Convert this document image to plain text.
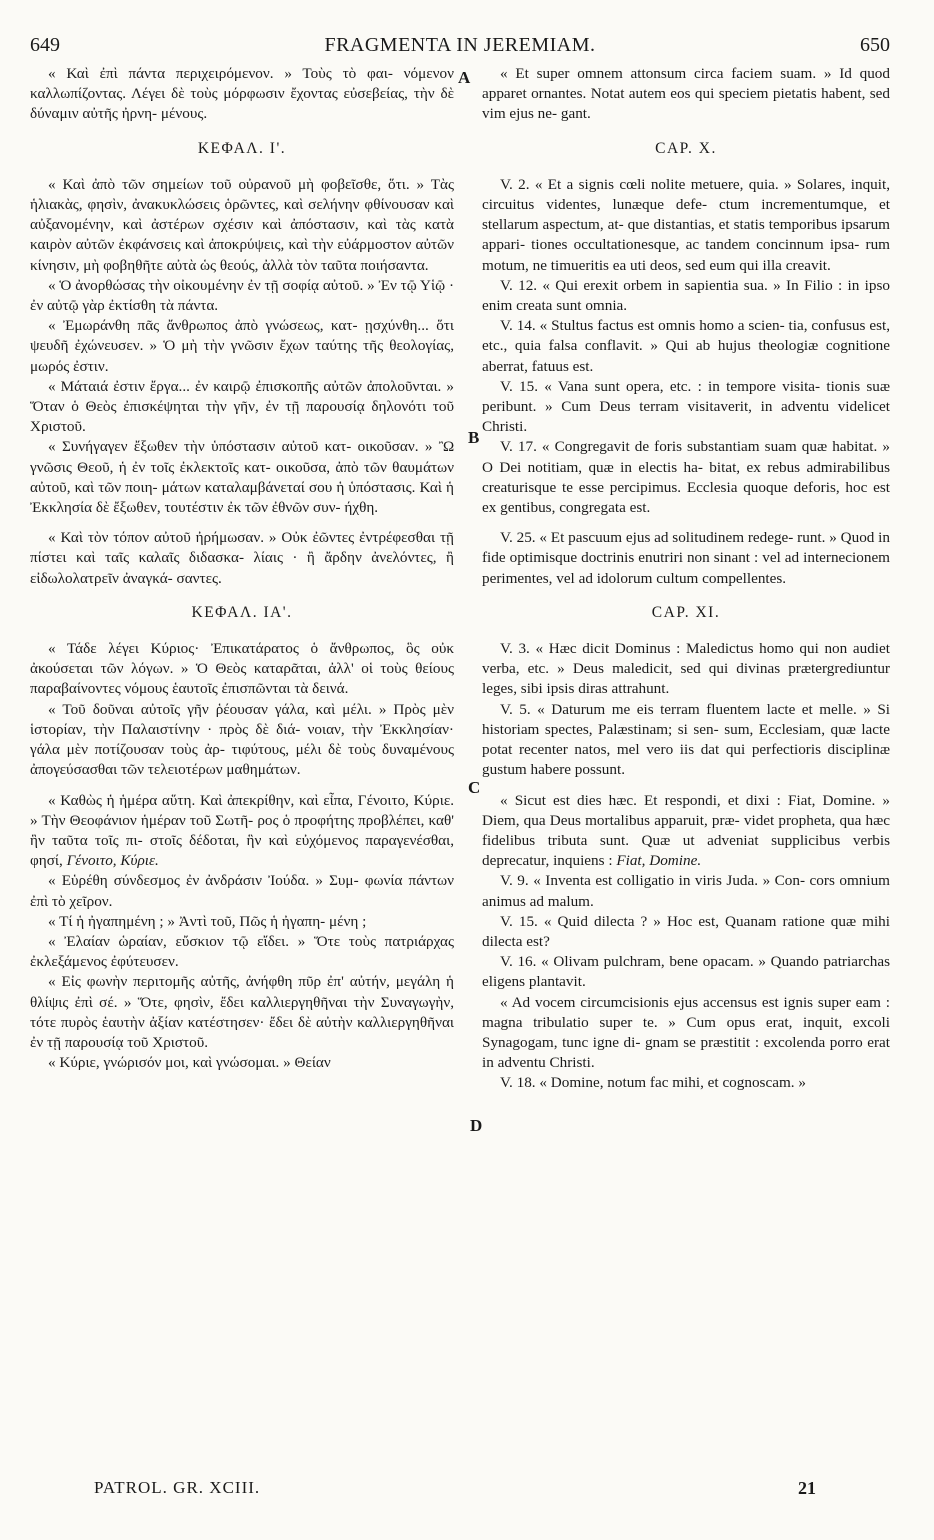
649	FRAGMENTA IN JEREMIAM.	650

« Καὶ ἐπὶ πάντα περιχειρόμενον. » Τοὺς τὸ φαι- νόμενον καλλωπίζοντας. Λέγει δὲ τοὺς μόρφωσιν ἔχοντας εὐσεβείας, τὴν δὲ δύναμιν αὐτῆς ἠρνη- μένους.

ΚΕΦΑΛ. Ι'.

« Καὶ ἀπὸ τῶν σημείων τοῦ οὐρανοῦ μὴ φοβεῖσθε, ὅτι. » Τὰς ἡλιακὰς, φησὶν, ἀνακυκλώσεις ὁρῶντες, καὶ σελήνην φθίνουσαν καὶ αὐξανομένην, καὶ ἀστέρων σχέσιν καὶ ἀπόστασιν, καὶ τὰς κατὰ καιρὸν αὐτῶν ἐκφάνσεις καὶ ἀποκρύψεις, καὶ τὴν εὐάρμοστον αὐτῶν κίνησιν, μὴ φοβηθῆτε αὐτὰ ὡς θεούς, ἀλλὰ τὸν ταῦτα ποιήσαντα.

« Ὁ ἀνορθώσας τὴν οἰκουμένην ἐν τῇ σοφίᾳ αὐτοῦ. » Ἐν τῷ Υἱῷ · ἐν αὐτῷ γὰρ ἐκτίσθη τὰ πάντα.

« Ἐμωράνθη πᾶς ἄνθρωπος ἀπὸ γνώσεως, κατ- ῃσχύνθη... ὅτι ψευδῆ ἐχώνευσεν. » Ὁ μὴ τὴν γνῶσιν ἔχων ταύτης τῆς θεολογίας, μωρός ἐστιν.

« Μάταιά ἐστιν ἔργα... ἐν καιρῷ ἐπισκοπῆς αὐτῶν ἀπολοῦνται. » Ὅταν ὁ Θεὸς ἐπισκέψηται τὴν γῆν, ἐν τῇ παρουσίᾳ δηλονότι τοῦ Χριστοῦ.

« Συνήγαγεν ἔξωθεν τὴν ὑπόστασιν αὐτοῦ κατ- οικοῦσαν. » Ὢ γνῶσις Θεοῦ, ἡ ἐν τοῖς ἐκλεκτοῖς κατ- οικοῦσα, ἀπὸ τῶν θαυμάτων αὐτοῦ, καὶ τῶν ποιη- μάτων καταλαμβάνεταί σου ἡ ὑπόστασις. Καὶ ἡ Ἐκκλησία δὲ ἔξωθεν, τουτέστιν ἐκ τῶν ἐθνῶν συν- ήχθη.

« Καὶ τὸν τόπον αὐτοῦ ἠρήμωσαν. » Οὐκ ἐῶντες ἐντρέφεσθαι τῇ πίστει καὶ ταῖς καλαῖς διδασκα- λίαις · ἢ ἄρδην ἀνελόντες, ἢ εἰδωλολατρεῖν ἀναγκά- σαντες.

ΚΕΦΑΛ. ΙΑ'.

« Τάδε λέγει Κύριος· Ἐπικατάρατος ὁ ἄνθρωπος, ὃς οὐκ ἀκούσεται τῶν λόγων. » Ὁ Θεὸς καταρᾶται, ἀλλ' οἱ τοὺς θείους παραβαίνοντες νόμους ἑαυτοῖς ἐπισπῶνται τὰ δεινά.

« Τοῦ δοῦναι αὐτοῖς γῆν ῥέουσαν γάλα, καὶ μέλι. » Πρὸς μὲν ἱστορίαν, τὴν Παλαιστίνην · πρὸς δὲ διά- νοιαν, τὴν Ἐκκλησίαν· γάλα μὲν ποτίζουσαν τοὺς ἀρ- τιφύτους, μέλι δὲ τοὺς δυναμένους ἀπογεύσασθαι τῶν τελειοτέρων μαθημάτων.

« Καθὼς ἡ ἡμέρα αὕτη. Καὶ ἀπεκρίθην, καὶ εἶπα, Γένοιτο, Κύριε. » Τὴν Θεοφάνιον ἡμέραν τοῦ Σωτῆ- ρος ὁ προφήτης προβλέπει, καθ' ἣν ταῦτα τοῖς πι- στοῖς δέδοται, ἣν καὶ εὐχόμενος παραγενέσθαι, φησί, Γένοιτο, Κύριε.

« Εὑρέθη σύνδεσμος ἐν ἀνδράσιν Ἰούδα. » Συμ- φωνία πάντων ἐπὶ τὸ χεῖρον.

« Τί ἡ ἠγαπημένη ; » Ἀντὶ τοῦ, Πῶς ἡ ἠγαπη- μένη ;

« Ἐλαίαν ὡραίαν, εὔσκιον τῷ εἴδει. » Ὅτε τοὺς πατριάρχας ἐκλεξάμενος ἐφύτευσεν.

« Εἰς φωνὴν περιτομῆς αὐτῆς, ἀνήφθη πῦρ ἐπ' αὐτήν, μεγάλη ἡ θλίψις ἐπὶ σέ. » Ὅτε, φησὶν, ἔδει καλλιεργηθῆναι τὴν Συναγωγὴν, τότε πυρὸς ἑαυτὴν ἀξίαν κατέστησεν· ἔδει δὲ αὐτὴν καλλιεργηθῆναι ἐν τῇ παρουσίᾳ τοῦ Χριστοῦ.

« Κύριε, γνώρισόν μοι, καὶ γνώσομαι. » Θείαν

A
B
C
D

« Et super omnem attonsum circa faciem suam. » Id quod apparet ornantes. Notat autem eos qui speciem pietatis habent, sed vim ejus ne- gant.

CAP. X.

V. 2. « Et a signis cœli nolite metuere, quia. » Solares, inquit, circuitus videntes, lunæque defe- ctum incrementumque, et stellarum aspectum, at- que distantias, et statis temporibus ipsarum appari- tiones occultationesque, ac tandem concinnum ipsa- rum motum, ne timueritis ea uti deos, sed eum qui illa creavit.

V. 12. « Qui erexit orbem in sapientia sua. » In Filio : in ipso enim creata sunt omnia.

V. 14. « Stultus factus est omnis homo a scien- tia, confusus est, etc., quia falsa conflavit. » Qui ab hujus theologiæ cognitione aberrat, fatuus est.

V. 15. « Vana sunt opera, etc. : in tempore visita- tionis suæ peribunt. » Cum Deus terram visitaverit, in adventu videlicet Christi.

V. 17. « Congregavit de foris substantiam suam quæ habitat. » O Dei notitiam, quæ in electis ha- bitat, ex rebus admirabilibus creaturisque te esse percipimus. Ecclesia quoque deforis, hoc est ex gentibus, congregata est.

V. 25. « Et pascuum ejus ad solitudinem redege- runt. » Quod in fide optimisque doctrinis enutriri non sinant : vel ad internecionem perimentes, vel ad idolorum cultum compellentes.

CAP. XI.

V. 3. « Hæc dicit Dominus : Maledictus homo qui non audiet verba, etc. » Deus maledicit, sed qui divinas prætergrediuntur leges, sibi ipsis diras attrahunt.

V. 5. « Daturum me eis terram fluentem lacte et melle. » Si historiam spectes, Palæstinam; si sen- sum, Ecclesiam, quæ lacte potat recenter natos, mel vero iis dat qui perfectioris disciplinæ gustum habere possunt.

« Sicut est dies hæc. Et respondi, et dixi : Fiat, Domine. » Diem, qua Deus mortalibus apparuit, præ- videt propheta, qua hæc fidelibus tributa sunt. Quæ ut adveniat supplicibus verbis deprecatur, inquiens : Fiat, Domine.

V. 9. « Inventa est colligatio in viris Juda. » Con- cors omnium animus ad malum.

V. 15. « Quid dilecta ? » Hoc est, Quanam ratione quæ mihi dilecta est?

V. 16. « Olivam pulchram, bene opacam. » Quando patriarchas eligens plantavit.

« Ad vocem circumcisionis ejus accensus est ignis super eam : magna tribulatio super te. » Cum opus erat, inquit, excoli Synagogam, tunc igne di- gnam se præstitit : excolenda porro erat in adventu Christi.

V. 18. « Domine, notum fac mihi, et cognoscam. »

PATROL. GR. XCIII.	21
